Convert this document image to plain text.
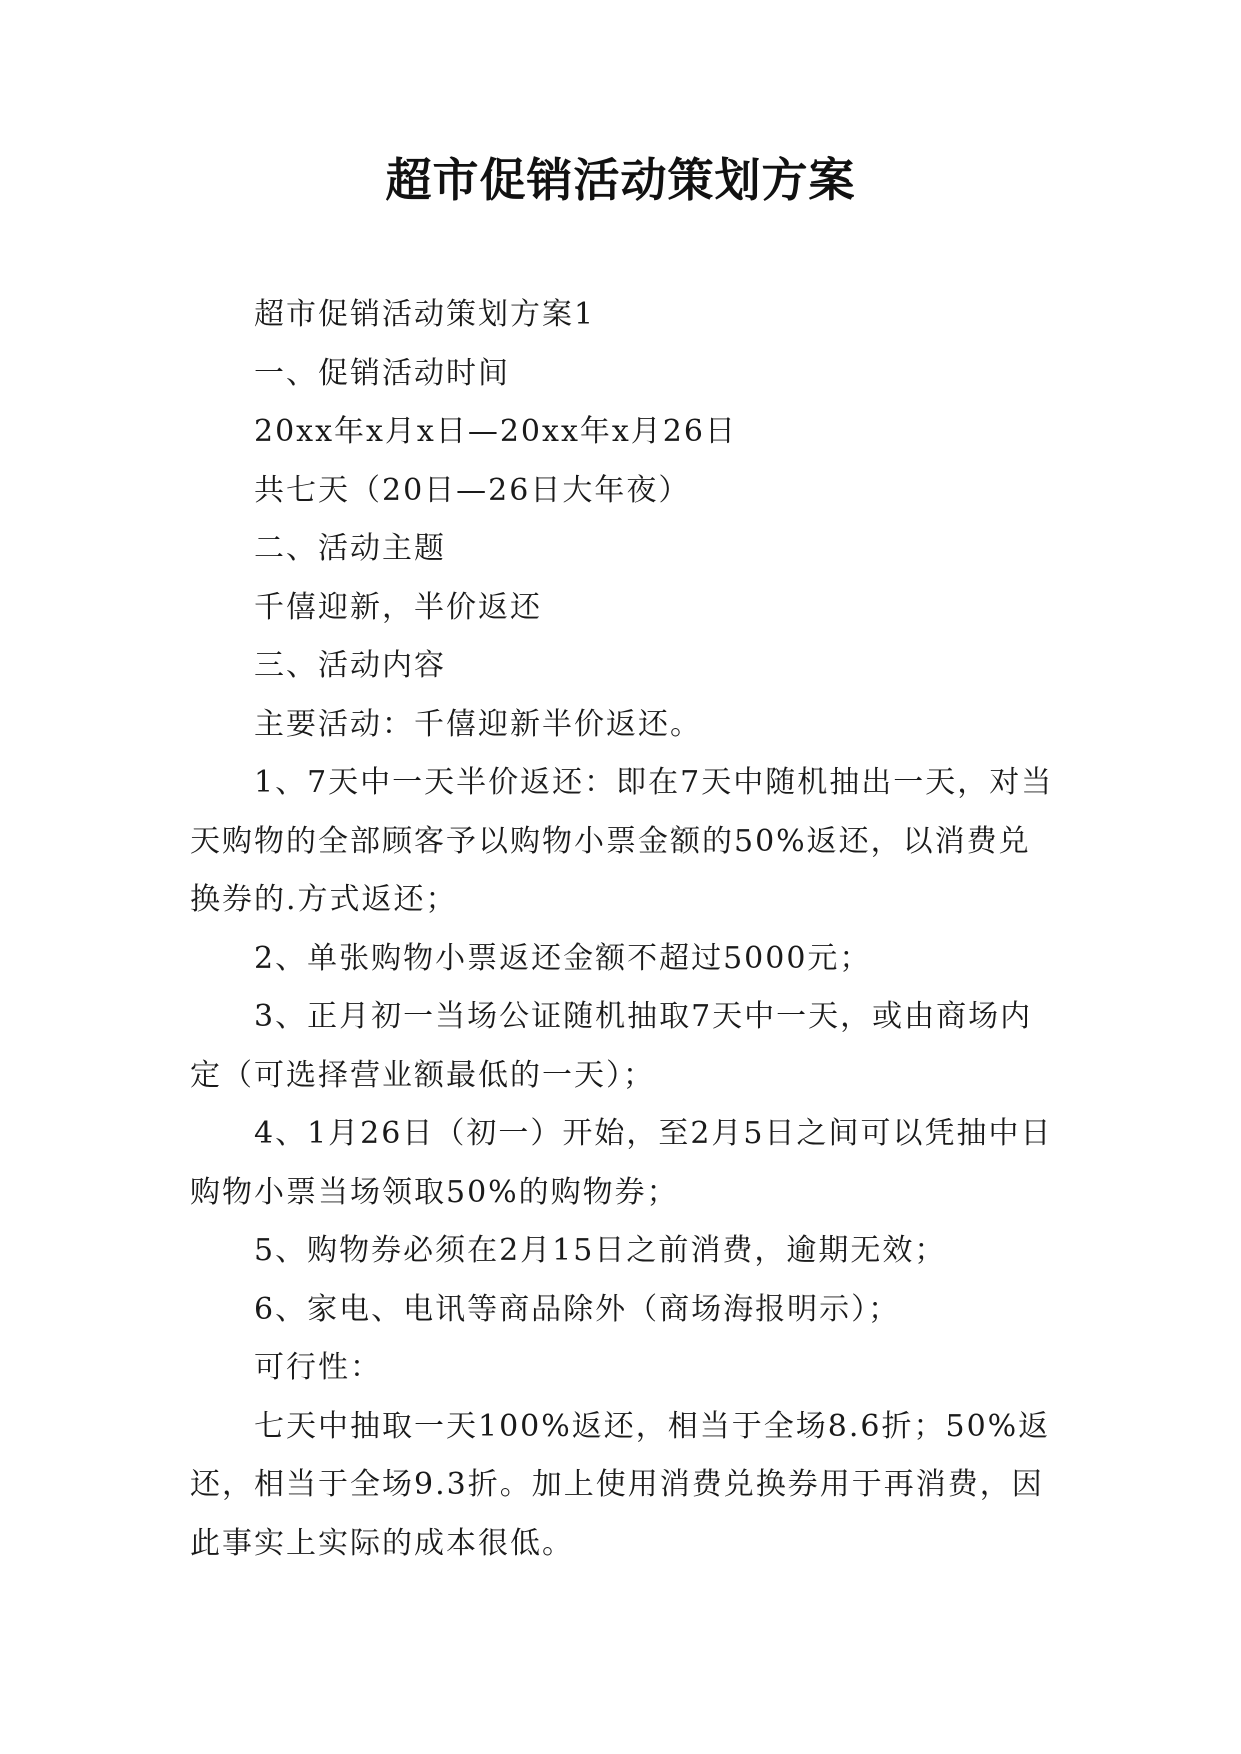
超市促销活动策划方案

超市促销活动策划方案1

一、促销活动时间

20xx年x月x日—20xx年x月26日

共七天（20日—26日大年夜）

二、活动主题

千僖迎新，半价返还

三、活动内容

主要活动：千僖迎新半价返还。

1、7天中一天半价返还：即在7天中随机抽出一天，对当天购物的全部顾客予以购物小票金额的50%返还，以消费兑换券的.方式返还；

2、单张购物小票返还金额不超过5000元；

3、正月初一当场公证随机抽取7天中一天，或由商场内定（可选择营业额最低的一天）；

4、1月26日（初一）开始，至2月5日之间可以凭抽中日购物小票当场领取50%的购物券；

5、购物券必须在2月15日之前消费，逾期无效；

6、家电、电讯等商品除外（商场海报明示）；

可行性：

七天中抽取一天100%返还，相当于全场8.6折；50%返还，相当于全场9.3折。加上使用消费兑换券用于再消费，因此事实上实际的成本很低。
